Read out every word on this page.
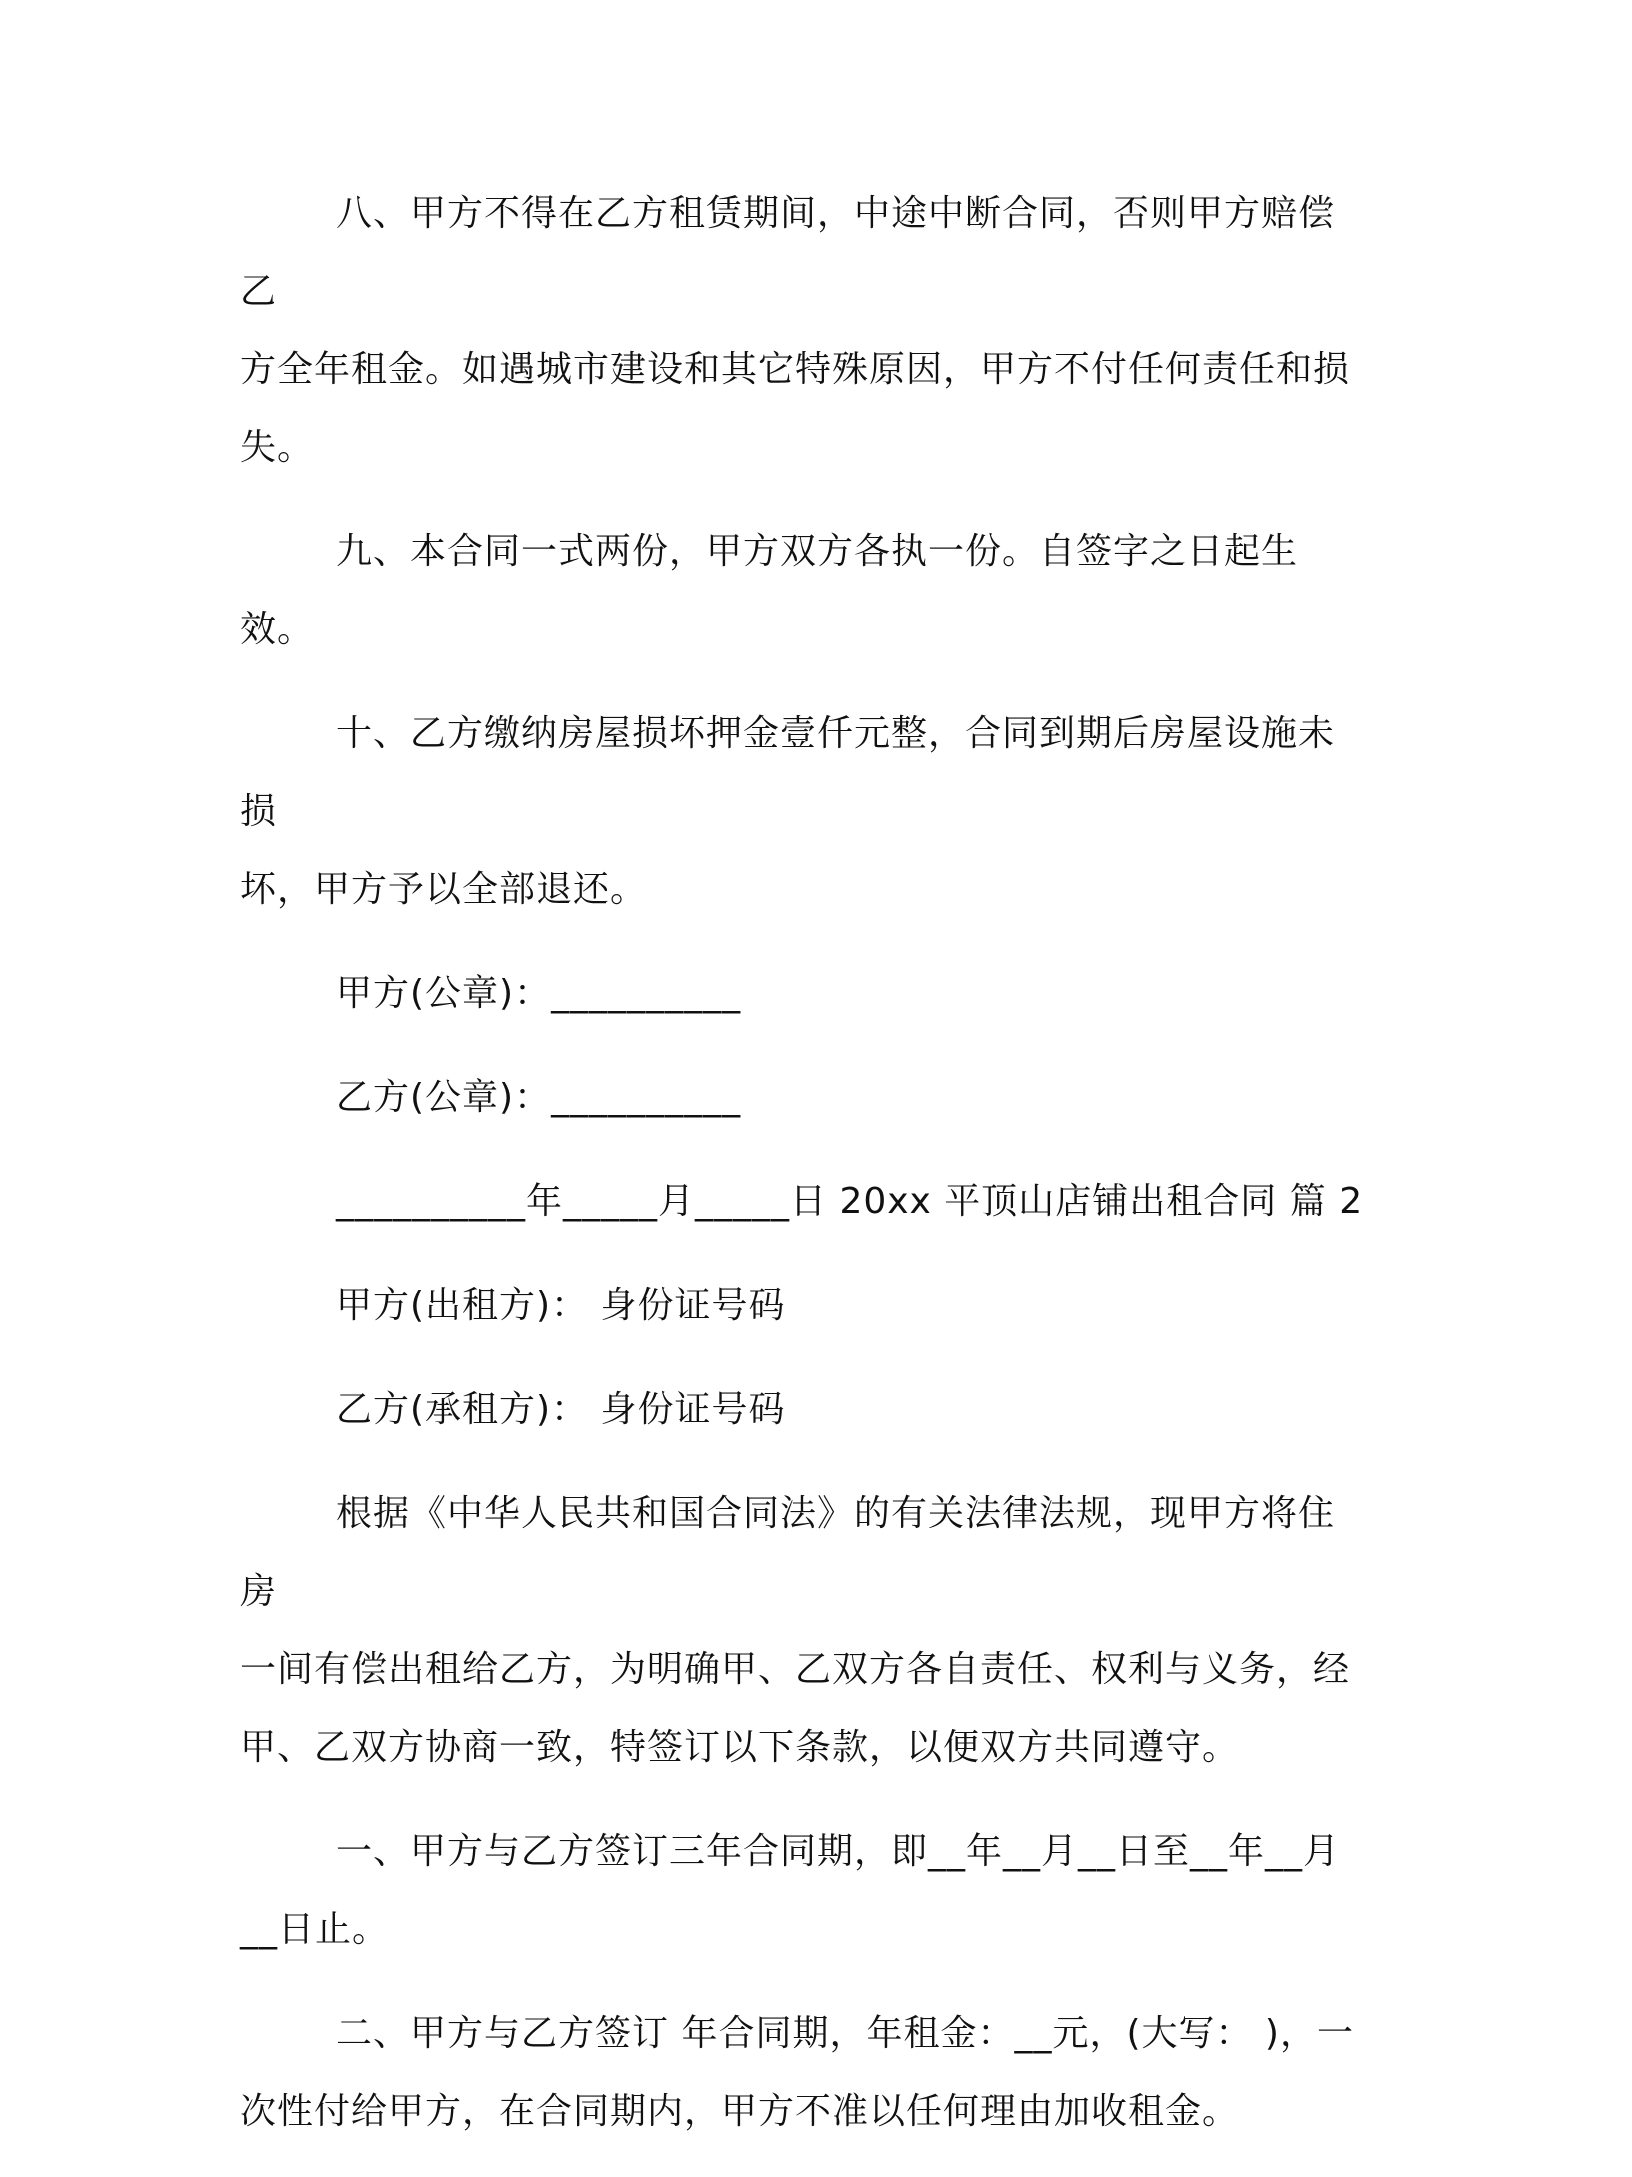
八、甲方不得在乙方租赁期间，中途中断合同，否则甲方赔偿乙
方全年租金。如遇城市建设和其它特殊原因，甲方不付任何责任和损
失。
九、本合同一式两份，甲方双方各执一份。自签字之日起生效。
十、乙方缴纳房屋损坏押金壹仟元整，合同到期后房屋设施未损
坏，甲方予以全部退还。
甲方(公章)：__________
乙方(公章)：__________
__________年_____月_____日 20xx 平顶山店铺出租合同 篇 2
甲方(出租方)： 身份证号码
乙方(承租方)： 身份证号码
根据《中华人民共和国合同法》的有关法律法规，现甲方将住房
一间有偿出租给乙方，为明确甲、乙双方各自责任、权利与义务，经
甲、乙双方协商一致，特签订以下条款，以便双方共同遵守。
一、甲方与乙方签订三年合同期，即__年__月__日至__年__月
__日止。
二、甲方与乙方签订 年合同期，年租金：__元，(大写： )，一
次性付给甲方，在合同期内，甲方不准以任何理由加收租金。
